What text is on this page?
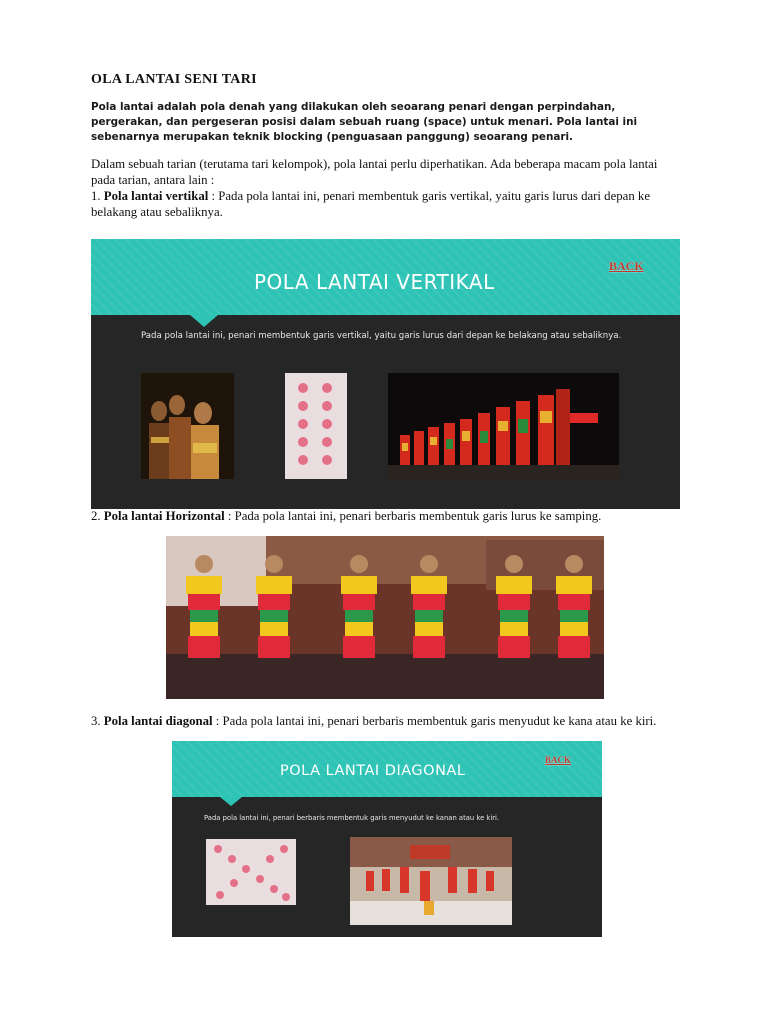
OLA LANTAI SENI TARI
Pola lantai adalah pola denah yang dilakukan oleh seoarang penari dengan perpindahan, pergerakan, dan pergeseran posisi dalam sebuah ruang (space) untuk menari. Pola lantai ini sebenarnya merupakan teknik blocking (penguasaan panggung) seoarang penari.
Dalam sebuah tarian (terutama tari kelompok), pola lantai perlu diperhatikan. Ada beberapa macam pola lantai pada tarian, antara lain :
1. Pola lantai vertikal : Pada pola lantai ini, penari membentuk garis vertikal, yaitu garis lurus dari depan ke belakang atau sebaliknya.
POLA LANTAI VERTIKAL
BACK
Pada pola lantai ini, penari membentuk garis vertikal, yaitu garis lurus dari depan ke belakang atau sebaliknya.
2. Pola lantai Horizontal : Pada pola lantai ini, penari berbaris membentuk garis lurus ke samping.
3. Pola lantai diagonal : Pada pola lantai ini, penari berbaris membentuk garis menyudut ke kana atau ke kiri.
POLA LANTAI DIAGONAL
BACK
Pada pola lantai ini, penari berbaris membentuk garis menyudut ke kanan atau ke kiri.
